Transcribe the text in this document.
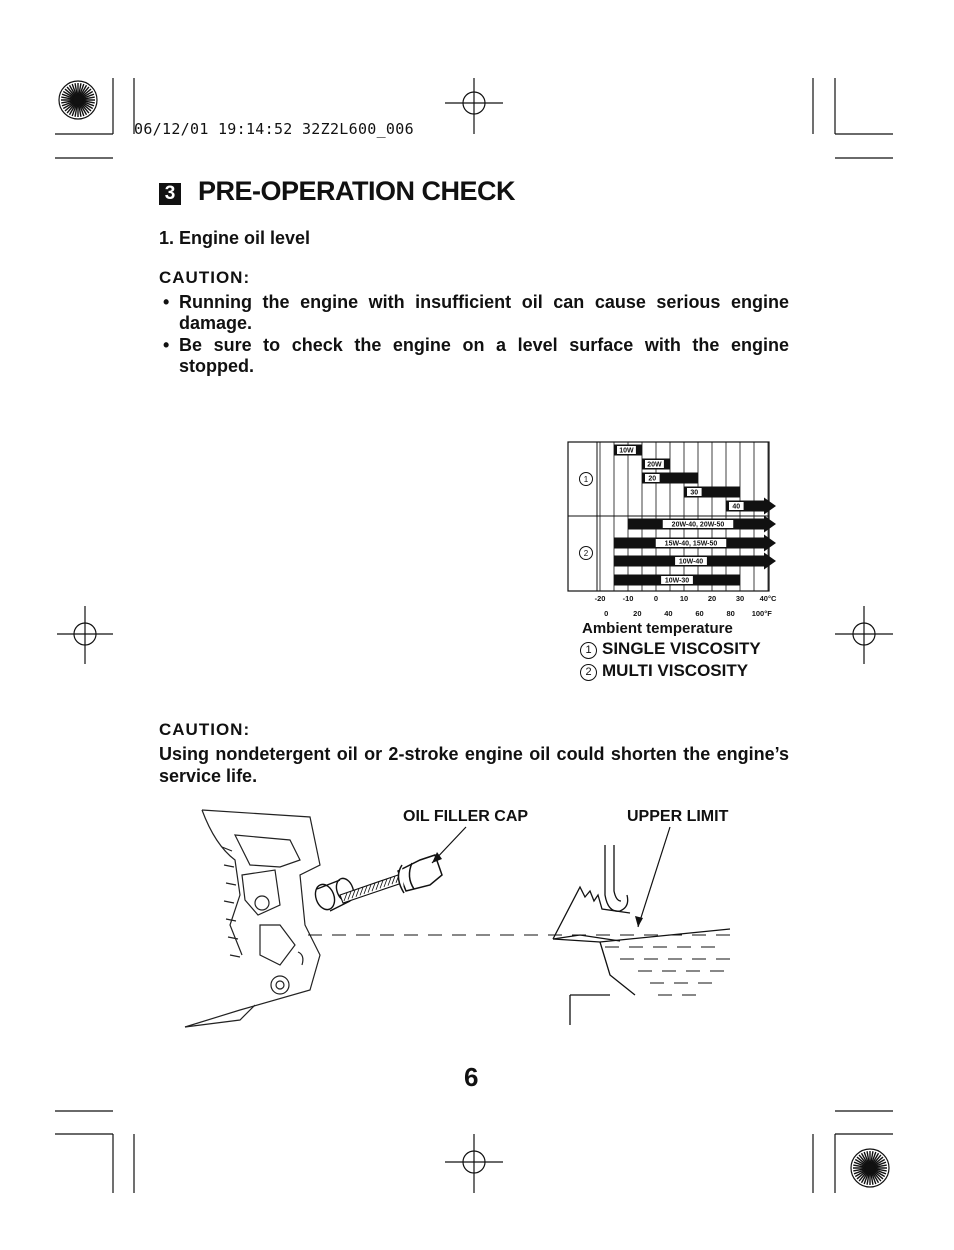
06/12/01 19:14:52 32Z2L600_006
3 PRE-OPERATION CHECK
1. Engine oil level
CAUTION:
• Running the engine with insufficient oil can cause serious engine damage.
• Be sure to check the engine on a level surface with the engine stopped.
10W
20W
20
30
40
20W-40, 20W-50
15W-40, 15W-50
10W-40
10W-30
1
2
-20 -10	0	10	20	30 40°C
0	20	40	60	80 100°F
Ambient temperature
1 SINGLE VISCOSITY
2 MULTI VISCOSITY
CAUTION:
Using nondetergent oil or 2-stroke engine oil could shorten the engine’s service life.
OIL FILLER CAP	UPPER LIMIT
6
